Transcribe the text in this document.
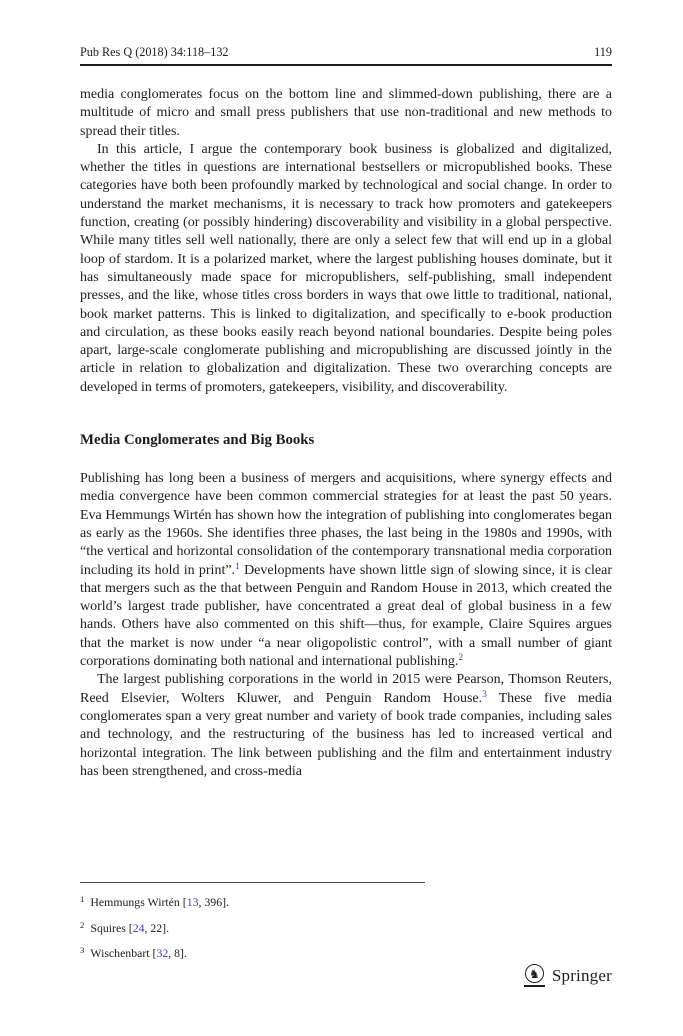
Pub Res Q (2018) 34:118–132	119

media conglomerates focus on the bottom line and slimmed-down publishing, there are a multitude of micro and small press publishers that use non-traditional and new methods to spread their titles.

In this article, I argue the contemporary book business is globalized and digitalized, whether the titles in questions are international bestsellers or micropublished books. These categories have both been profoundly marked by technological and social change. In order to understand the market mechanisms, it is necessary to track how promoters and gatekeepers function, creating (or possibly hindering) discoverability and visibility in a global perspective. While many titles sell well nationally, there are only a select few that will end up in a global loop of stardom. It is a polarized market, where the largest publishing houses dominate, but it has simultaneously made space for micropublishers, self-publishing, small independent presses, and the like, whose titles cross borders in ways that owe little to traditional, national, book market patterns. This is linked to digitalization, and specifically to e-book production and circulation, as these books easily reach beyond national boundaries. Despite being poles apart, large-scale conglomerate publishing and micropublishing are discussed jointly in the article in relation to globalization and digitalization. These two overarching concepts are developed in terms of promoters, gatekeepers, visibility, and discoverability.

Media Conglomerates and Big Books

Publishing has long been a business of mergers and acquisitions, where synergy effects and media convergence have been common commercial strategies for at least the past 50 years. Eva Hemmungs Wirtén has shown how the integration of publishing into conglomerates began as early as the 1960s. She identifies three phases, the last being in the 1980s and 1990s, with “the vertical and horizontal consolidation of the contemporary transnational media corporation including its hold in print”.$^1$ Developments have shown little sign of slowing since, it is clear that mergers such as the that between Penguin and Random House in 2013, which created the world’s largest trade publisher, have concentrated a great deal of global business in a few hands. Others have also commented on this shift—thus, for example, Claire Squires argues that the market is now under “a near oligopolistic control”, with a small number of giant corporations dominating both national and international publishing.$^2$

The largest publishing corporations in the world in 2015 were Pearson, Thomson Reuters, Reed Elsevier, Wolters Kluwer, and Penguin Random House.$^3$ These five media conglomerates span a very great number and variety of book trade companies, including sales and technology, and the restructuring of the business has led to increased vertical and horizontal integration. The link between publishing and the film and entertainment industry has been strengthened, and cross-media

$^1$ Hemmungs Wirtén [13, 396].
$^2$ Squires [24, 22].
$^3$ Wischenbart [32, 8].
♞ Springer
